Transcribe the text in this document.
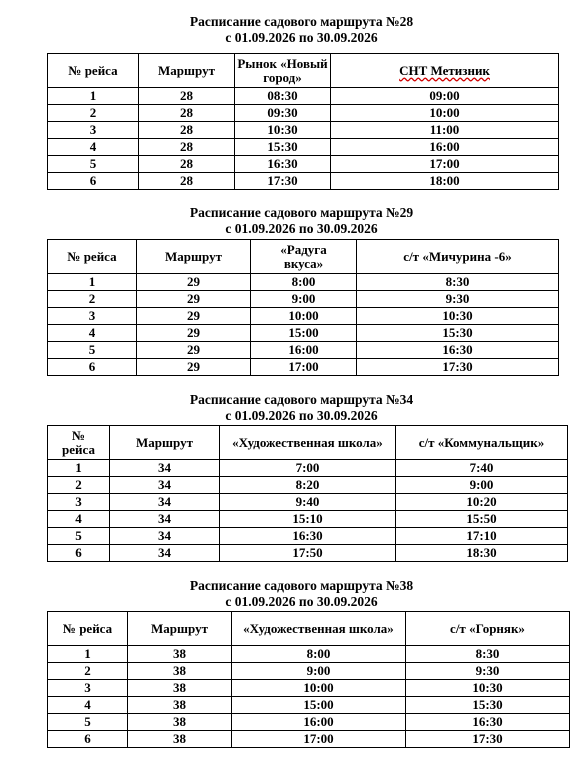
Расписание садового маршрута №28
с 01.09.2026 по 30.09.2026
№ рейса	Маршрут	Рынок «Новый город»	СНТ Метизник
1	28	08:30	09:00
2	28	09:30	10:00
3	28	10:30	11:00
4	28	15:30	16:00
5	28	16:30	17:00
6	28	17:30	18:00
Расписание садового маршрута №29
с 01.09.2026 по 30.09.2026
№ рейса	Маршрут	«Радуга вкуса»	с/т «Мичурина -6»
1	29	8:00	8:30
2	29	9:00	9:30
3	29	10:00	10:30
4	29	15:00	15:30
5	29	16:00	16:30
6	29	17:00	17:30
Расписание садового маршрута №34
с 01.09.2026 по 30.09.2026
№ рейса	Маршрут	«Художественная школа»	с/т «Коммунальщик»
1	34	7:00	7:40
2	34	8:20	9:00
3	34	9:40	10:20
4	34	15:10	15:50
5	34	16:30	17:10
6	34	17:50	18:30
Расписание садового маршрута №38
с 01.09.2026 по 30.09.2026
№ рейса	Маршрут	«Художественная школа»	с/т «Горняк»
1	38	8:00	8:30
2	38	9:00	9:30
3	38	10:00	10:30
4	38	15:00	15:30
5	38	16:00	16:30
6	38	17:00	17:30
